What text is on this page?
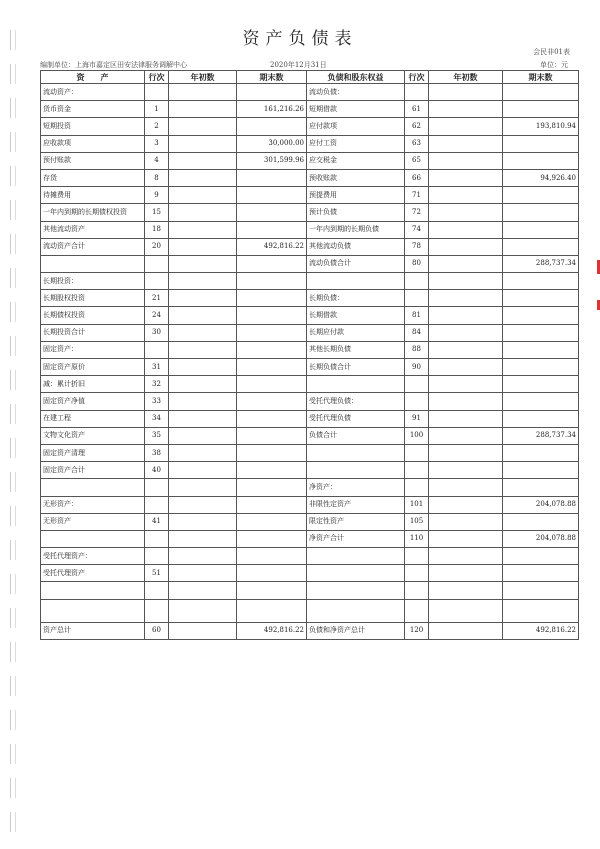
资产负债表
会民非01表
编制单位：上海市嘉定区田安法律服务调解中心	2020年12月31日	单位：元
资　　产	行次	年初数	期末数	负债和股东权益	行次	年初数	期末数
流动资产：				流动负债：			
货币资金	1		161,216.26	短期借款	61		
短期投资	2			应付款项	62		193,810.94
应收款项	3		30,000.00	应付工资	63		
预付账款	4		301,599.96	应交税金	65		
存货	8			预收账款	66		94,926.40
待摊费用	9			预提费用	71		
一年内到期的长期债权投资	15			预计负债	72		
其他流动资产	18			一年内到期的长期负债	74		
流动资产合计	20		492,816.22	其他流动负债	78		
				流动负债合计	80		288,737.34
长期投资：							
长期股权投资	21			长期负债：			
长期债权投资	24			长期借款	81		
长期投资合计	30			长期应付款	84		
固定资产：				其他长期负债	88		
固定资产原价	31			长期负债合计	90		
减：累计折旧	32						
固定资产净值	33			受托代理负债：			
在建工程	34			受托代理负债	91		
文物文化资产	35			负债合计	100		288,737.34
固定资产清理	38						
固定资产合计	40						
				净资产：			
无形资产：				非限性定资产	101		204,078.88
无形资产	41			限定性资产	105		
				净资产合计	110		204,078.88
受托代理资产：							
受托代理资产	51						

资产总计	60		492,816.22	负债和净资产总计	120		492,816.22
